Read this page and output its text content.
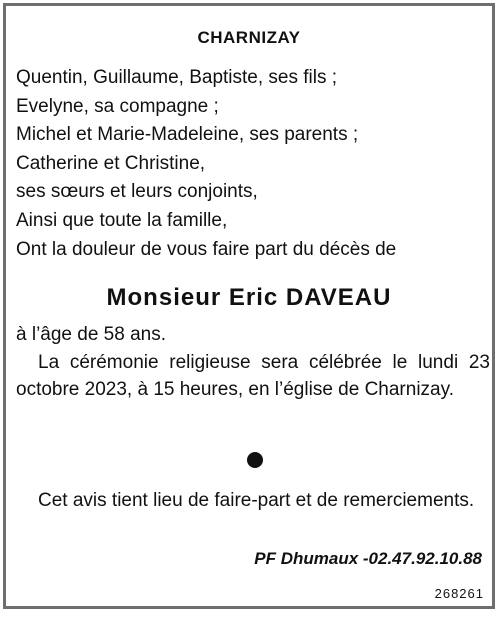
CHARNIZAY
Quentin, Guillaume, Baptiste, ses fils ;
Evelyne, sa compagne ;
Michel et Marie-Madeleine, ses parents ;
Catherine et Christine,
ses sœurs et leurs conjoints,
Ainsi que toute la famille,
Ont la douleur de vous faire part du décès de
Monsieur Eric DAVEAU
à l’âge de 58 ans.
La cérémonie religieuse sera célébrée le lundi 23 octobre 2023, à 15 heures, en l’église de Charnizay.
Cet avis tient lieu de faire-part et de remerciements.
PF Dhumaux -02.47.92.10.88
268261
